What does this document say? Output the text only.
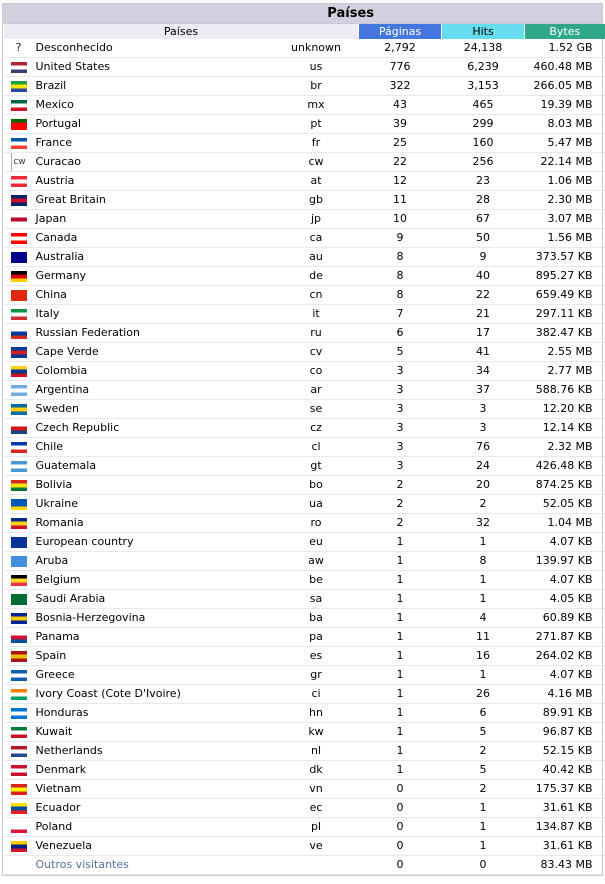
Países
Países			Páginas	Hits	Bytes
?	Desconhecido	unknown	2,792	24,138	1.52 GB
	United States	us	776	6,239	460.48 MB
	Brazil	br	322	3,153	266.05 MB
	Mexico	mx	43	465	19.39 MB
	Portugal	pt	39	299	8.03 MB
	France	fr	25	160	5.47 MB
cw	Curacao	cw	22	256	22.14 MB
	Austria	at	12	23	1.06 MB
	Great Britain	gb	11	28	2.30 MB
	Japan	jp	10	67	3.07 MB
	Canada	ca	9	50	1.56 MB
	Australia	au	8	9	373.57 KB
	Germany	de	8	40	895.27 KB
	China	cn	8	22	659.49 KB
	Italy	it	7	21	297.11 KB
	Russian Federation	ru	6	17	382.47 KB
	Cape Verde	cv	5	41	2.55 MB
	Colombia	co	3	34	2.77 MB
	Argentina	ar	3	37	588.76 KB
	Sweden	se	3	3	12.20 KB
	Czech Republic	cz	3	3	12.14 KB
	Chile	cl	3	76	2.32 MB
	Guatemala	gt	3	24	426.48 KB
	Bolivia	bo	2	20	874.25 KB
	Ukraine	ua	2	2	52.05 KB
	Romania	ro	2	32	1.04 MB
	European country	eu	1	1	4.07 KB
	Aruba	aw	1	8	139.97 KB
	Belgium	be	1	1	4.07 KB
	Saudi Arabia	sa	1	1	4.05 KB
	Bosnia-Herzegovina	ba	1	4	60.89 KB
	Panama	pa	1	11	271.87 KB
	Spain	es	1	16	264.02 KB
	Greece	gr	1	1	4.07 KB
	Ivory Coast (Cote D'Ivoire)	ci	1	26	4.16 MB
	Honduras	hn	1	6	89.91 KB
	Kuwait	kw	1	5	96.87 KB
	Netherlands	nl	1	2	52.15 KB
	Denmark	dk	1	5	40.42 KB
	Vietnam	vn	0	2	175.37 KB
	Ecuador	ec	0	1	31.61 KB
	Poland	pl	0	1	134.87 KB
	Venezuela	ve	0	1	31.61 KB
	Outros visitantes		0	0	83.43 MB
